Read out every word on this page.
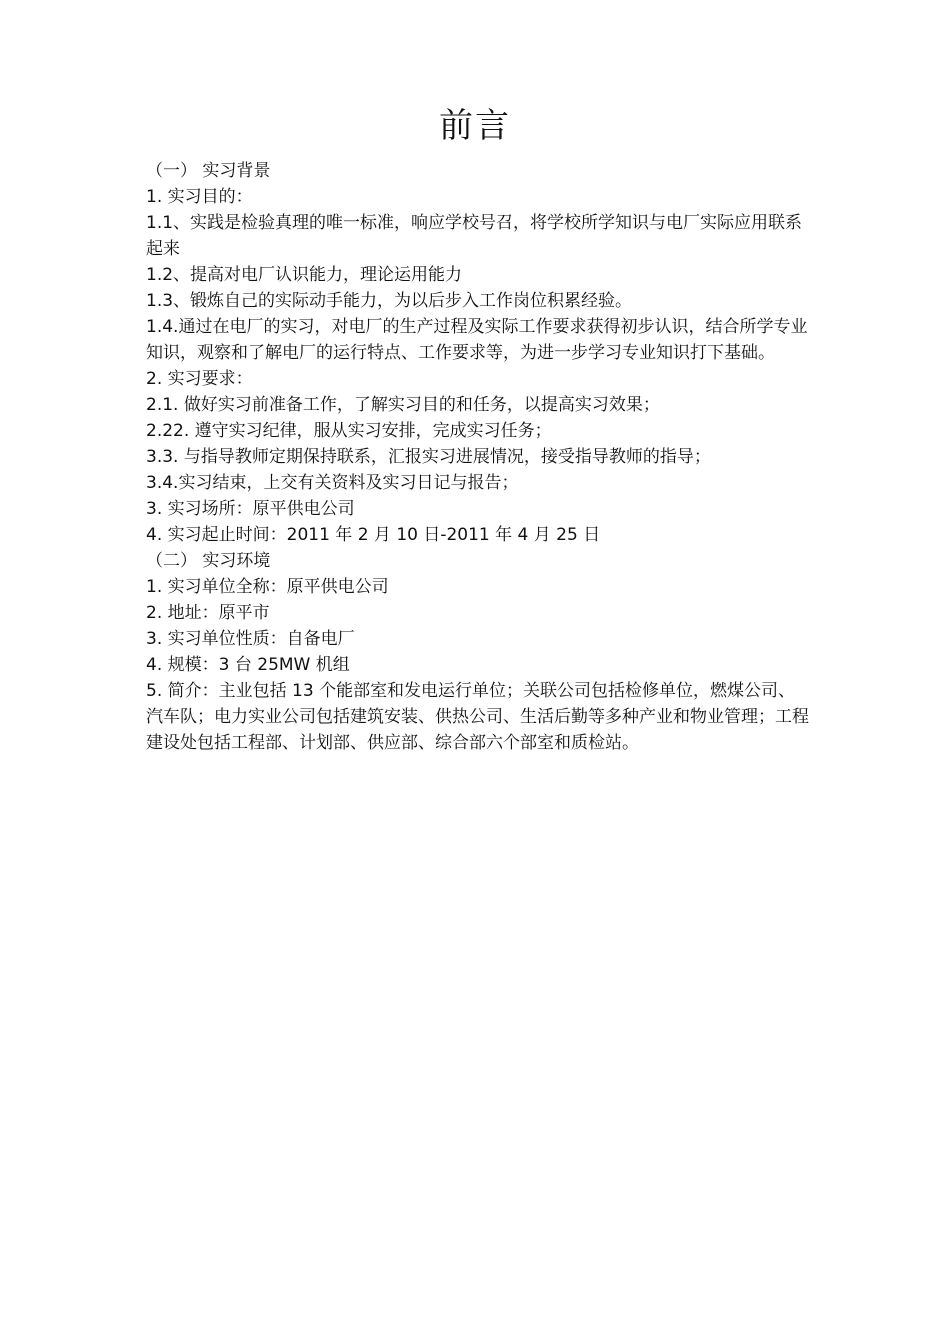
前言

（一） 实习背景

1. 实习目的：

1.1、实践是检验真理的唯一标准，响应学校号召，将学校所学知识与电厂实际应用联系起来

1.2、提高对电厂认识能力，理论运用能力

1.3、锻炼自己的实际动手能力，为以后步入工作岗位积累经验。

1.4.通过在电厂的实习，对电厂的生产过程及实际工作要求获得初步认识，结合所学专业知识，观察和了解电厂的运行特点、工作要求等，为进一步学习专业知识打下基础。

2. 实习要求：

2.1. 做好实习前准备工作，了解实习目的和任务，以提高实习效果；

2.22. 遵守实习纪律，服从实习安排，完成实习任务；

3.3. 与指导教师定期保持联系，汇报实习进展情况，接受指导教师的指导；

3.4.实习结束，上交有关资料及实习日记与报告；

3. 实习场所：原平供电公司

4. 实习起止时间：2011 年 2 月 10 日-2011 年 4 月 25 日

（二） 实习环境

1. 实习单位全称：原平供电公司

2. 地址：原平市

3. 实习单位性质：自备电厂

4. 规模：3 台 25MW 机组

5. 简介：主业包括 13 个能部室和发电运行单位；关联公司包括检修单位，燃煤公司、汽车队；电力实业公司包括建筑安装、供热公司、生活后勤等多种产业和物业管理；工程建设处包括工程部、计划部、供应部、综合部六个部室和质检站。
